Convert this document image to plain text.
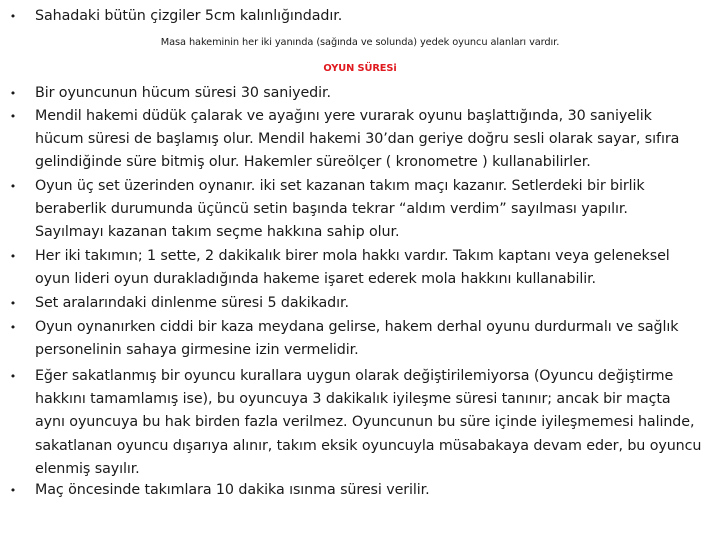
• Sahadaki bütün çizgiler 5cm kalınlığındadır.
Masa hakeminin her iki yanında (sağında ve solunda) yedek oyuncu alanları vardır.
OYUN SÜRESi
• Bir oyuncunun hücum süresi 30 saniyedir.
• Mendil hakemi düdük çalarak ve ayağını yere vurarak oyunu başlattığında, 30 saniyelik
hücum süresi de başlamış olur. Mendil hakemi 30’dan geriye doğru sesli olarak sayar, sıfıra
gelindiğinde süre bitmiş olur. Hakemler süreölçer ( kronometre ) kullanabilirler.
• Oyun üç set üzerinden oynanır. iki set kazanan takım maçı kazanır. Setlerdeki bir birlik
beraberlik durumunda üçüncü setin başında tekrar “aldım verdim” sayılması yapılır.
Sayılmayı kazanan takım seçme hakkına sahip olur.
• Her iki takımın; 1 sette, 2 dakikalık birer mola hakkı vardır. Takım kaptanı veya geleneksel
oyun lideri oyun durakladığında hakeme işaret ederek mola hakkını kullanabilir.
• Set aralarındaki dinlenme süresi 5 dakikadır.
• Oyun oynanırken ciddi bir kaza meydana gelirse, hakem derhal oyunu durdurmalı ve sağlık
personelinin sahaya girmesine izin vermelidir.
• Eğer sakatlanmış bir oyuncu kurallara uygun olarak değiştirilemiyorsa (Oyuncu değiştirme
hakkını tamamlamış ise), bu oyuncuya 3 dakikalık iyileşme süresi tanınır; ancak bir maçta
aynı oyuncuya bu hak birden fazla verilmez. Oyuncunun bu süre içinde iyileşmemesi halinde,
sakatlanan oyuncu dışarıya alınır, takım eksik oyuncuyla müsabakaya devam eder, bu oyuncu
elenmiş sayılır.
• Maç öncesinde takımlara 10 dakika ısınma süresi verilir.
